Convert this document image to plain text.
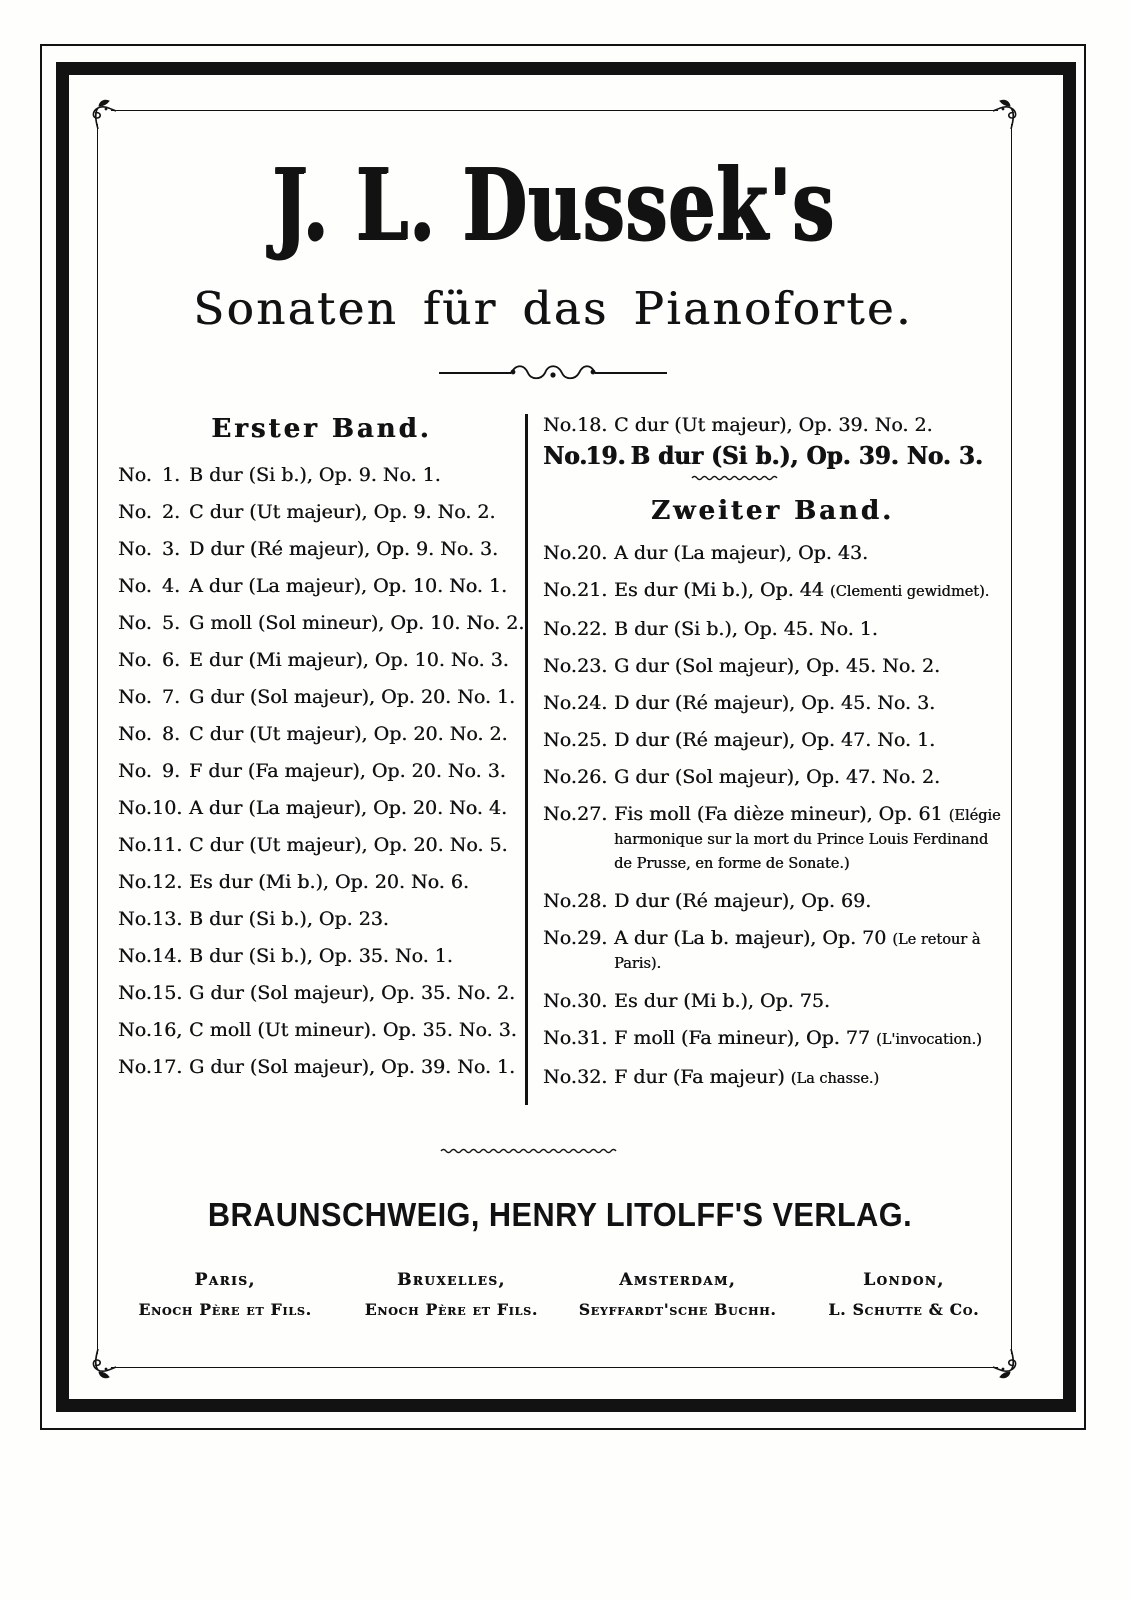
J. L. Dussek's
Sonaten für das Pianoforte.
Erster Band.
No. 1. B dur (Si b.), Op. 9. No. 1.
No. 2. C dur (Ut majeur), Op. 9. No. 2.
No. 3. D dur (Ré majeur), Op. 9. No. 3.
No. 4. A dur (La majeur), Op. 10. No. 1.
No. 5. G moll (Sol mineur), Op. 10. No. 2.
No. 6. E dur (Mi majeur), Op. 10. No. 3.
No. 7. G dur (Sol majeur), Op. 20. No. 1.
No. 8. C dur (Ut majeur), Op. 20. No. 2.
No. 9. F dur (Fa majeur), Op. 20. No. 3.
No. 10. A dur (La majeur), Op. 20. No. 4.
No. 11. C dur (Ut majeur), Op. 20. No. 5.
No. 12. Es dur (Mi b.), Op. 20. No. 6.
No. 13. B dur (Si b.), Op. 23.
No. 14. B dur (Si b.), Op. 35. No. 1.
No. 15. G dur (Sol majeur), Op. 35. No. 2.
No. 16, C moll (Ut mineur). Op. 35. No. 3.
No. 17. G dur (Sol majeur), Op. 39. No. 1.
No. 18. C dur (Ut majeur), Op. 39. No. 2.
No.
19. B dur (Si b.), Op. 39. No. 3.
Zweiter Band.
No. 20. A dur (La majeur), Op. 43.
No. 21. Es dur (Mi b.), Op. 44 (Clementi gewidmet).
No. 22. B dur (Si b.), Op. 45. No. 1.
No. 23. G dur (Sol majeur), Op. 45. No. 2.
No. 24. D dur (Ré majeur), Op. 45. No. 3.
No. 25. D dur (Ré majeur), Op. 47. No. 1.
No. 26. G dur (Sol majeur), Op. 47. No. 2.
No. 27. Fis moll (Fa dièze mineur), Op. 61 (Elégie harmonique sur la mort du Prince Louis Ferdinand de Prusse, en forme de Sonate.)
No. 28. D dur (Ré majeur), Op. 69.
No. 29. A dur (La b. majeur), Op. 70 (Le retour à Paris).
No. 30. Es dur (Mi b.), Op. 75.
No. 31. F moll (Fa mineur), Op. 77 (L'invocation.)
No. 32. F dur (Fa majeur) (La chasse.)
BRAUNSCHWEIG, HENRY LITOLFF'S VERLAG.
Paris,
Enoch Père et Fils.
Bruxelles,
Enoch Père et Fils.
Amsterdam,
Seyffardt'sche Buchh.
London,
L. Schutte & Co.
